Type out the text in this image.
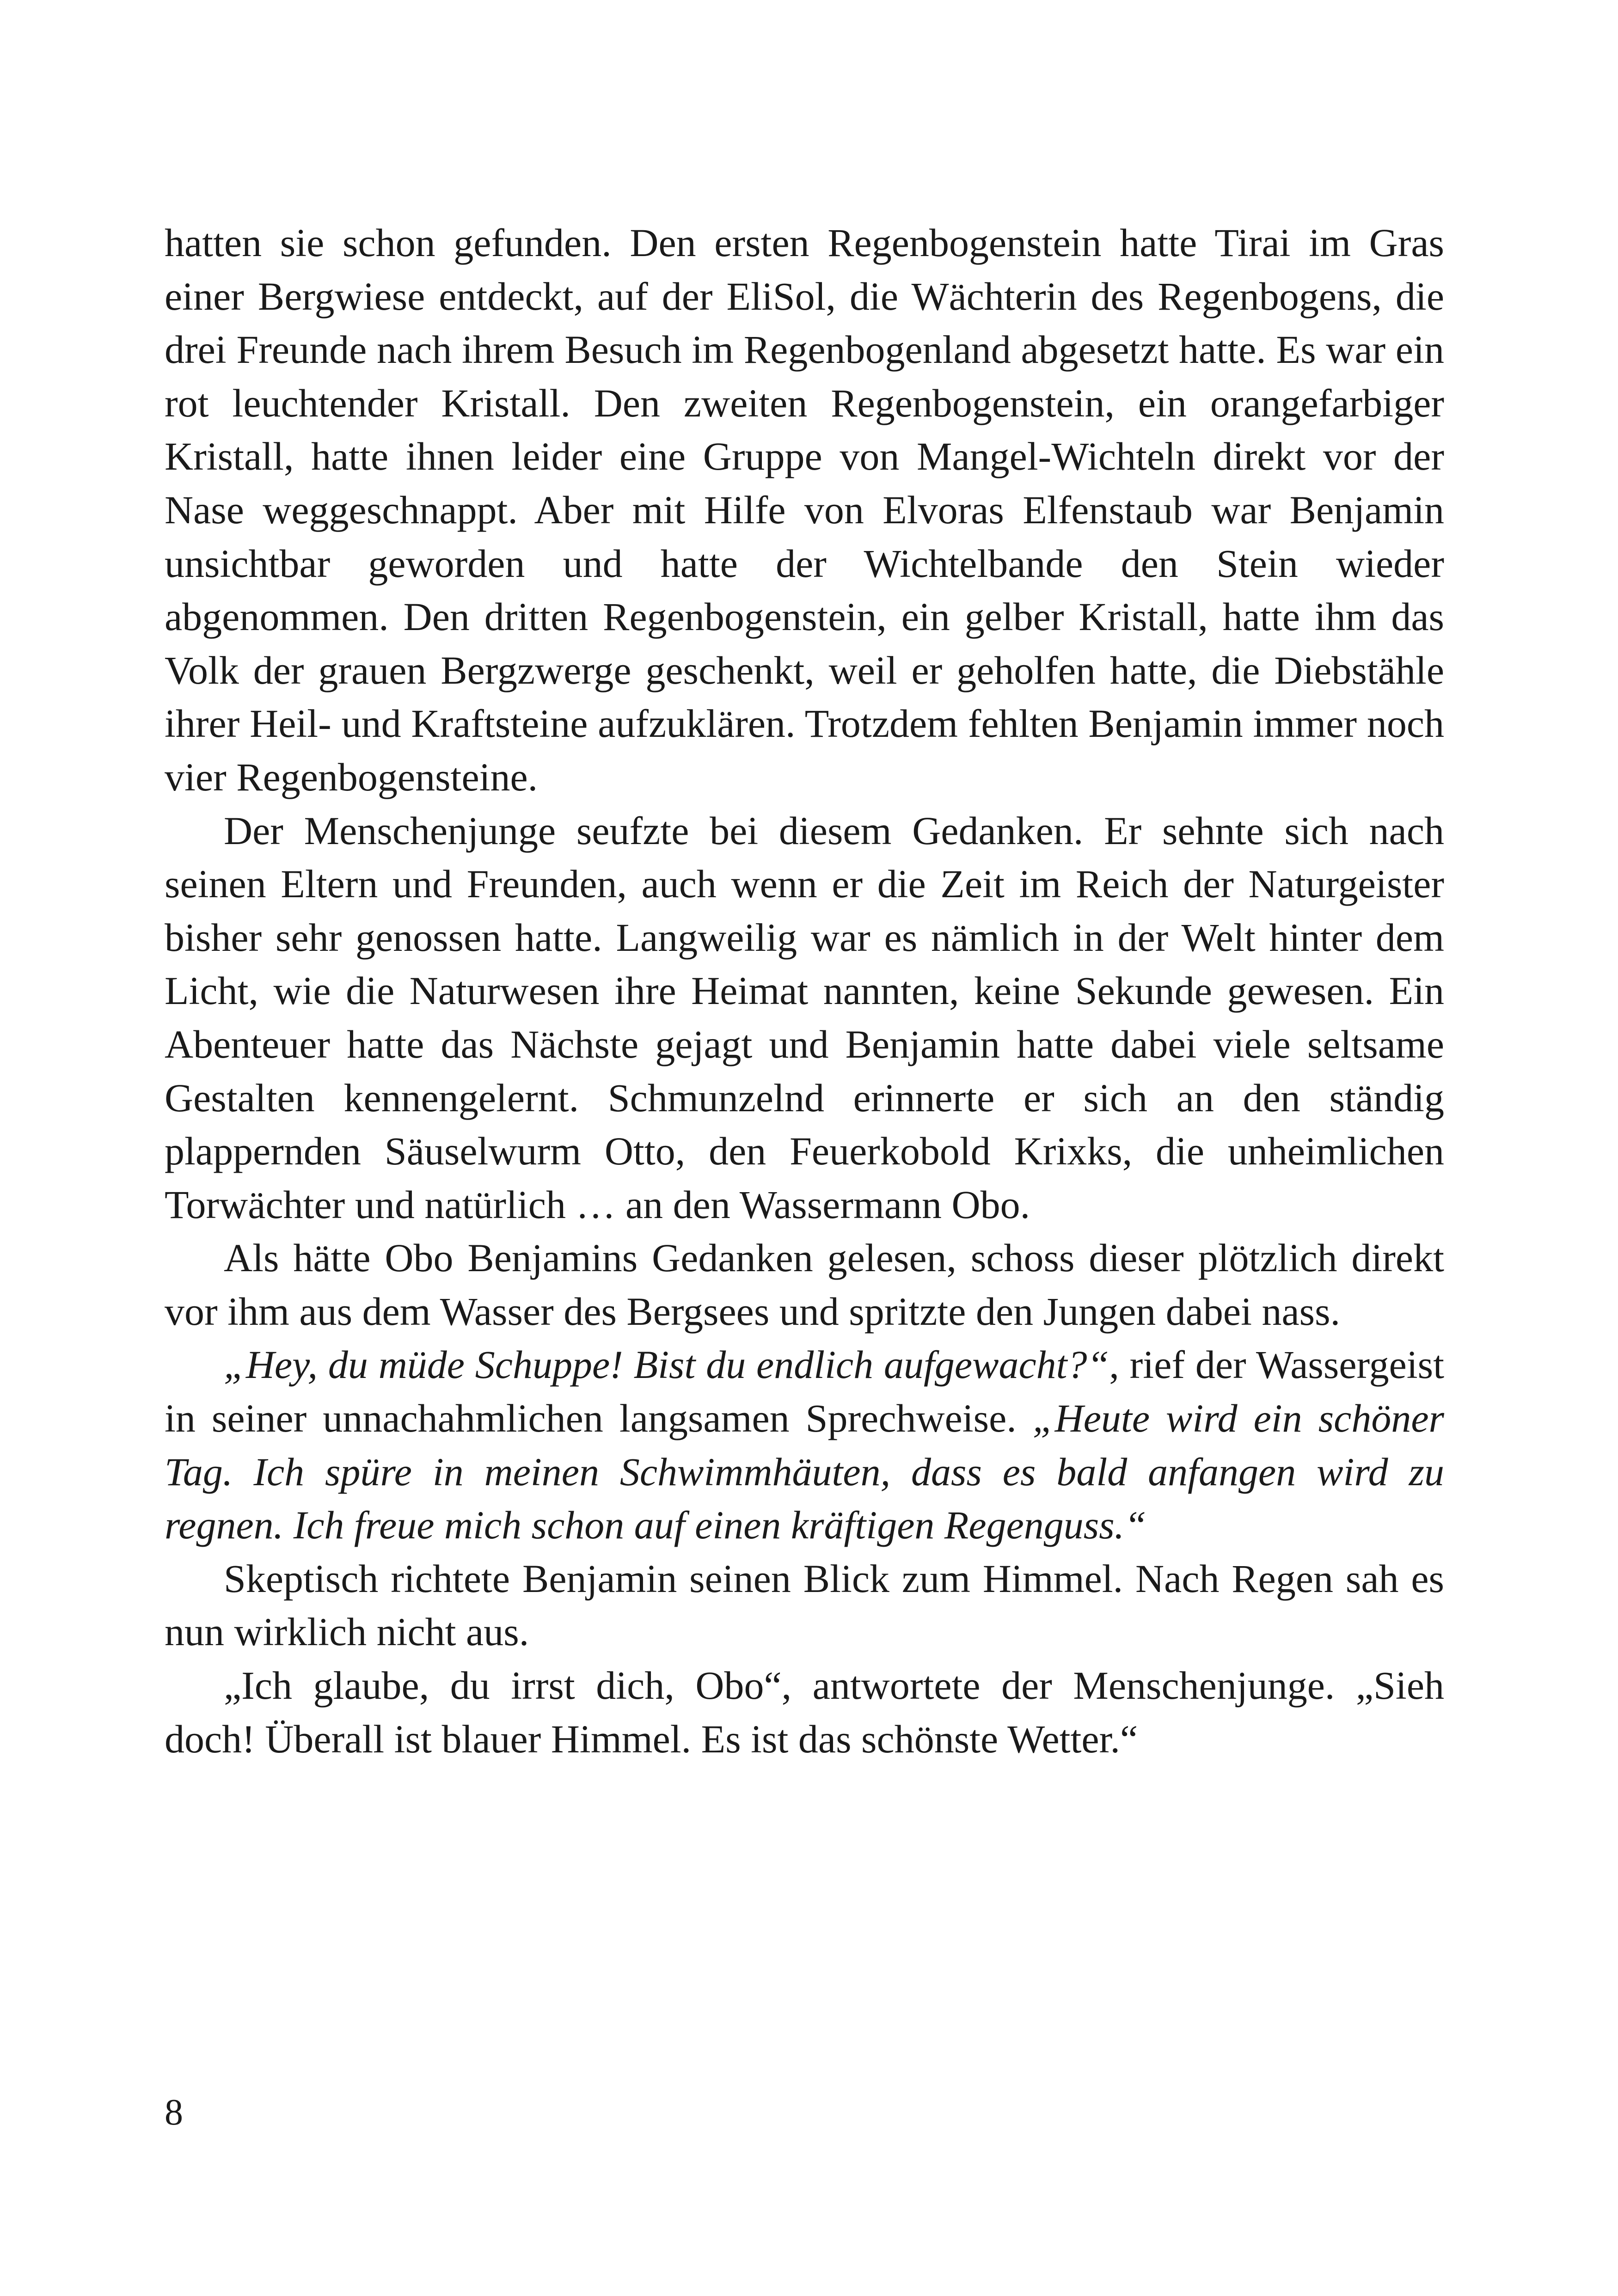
hatten sie schon gefunden. Den ersten Regenbogenstein hatte Tirai im Gras einer Bergwiese entdeckt, auf der EliSol, die Wächterin des Regenbogens, die drei Freunde nach ihrem Besuch im Regenbogenland abgesetzt hatte. Es war ein rot leuchtender Kristall. Den zweiten Regenbogenstein, ein orangefarbiger Kristall, hatte ihnen leider eine Gruppe von Mangel-Wichteln direkt vor der Nase weggeschnappt. Aber mit Hilfe von Elvoras Elfenstaub war Benjamin unsichtbar geworden und hatte der Wichtelbande den Stein wieder abgenommen. Den dritten Regenbogenstein, ein gelber Kristall, hatte ihm das Volk der grauen Bergzwerge geschenkt, weil er geholfen hatte, die Diebstähle ihrer Heil- und Kraftsteine aufzuklären. Trotzdem fehlten Benjamin immer noch vier Regenbogensteine.

Der Menschenjunge seufzte bei diesem Gedanken. Er sehnte sich nach seinen Eltern und Freunden, auch wenn er die Zeit im Reich der Naturgeister bisher sehr genossen hatte. Langweilig war es nämlich in der Welt hinter dem Licht, wie die Naturwesen ihre Heimat nannten, keine Sekunde gewesen. Ein Abenteuer hatte das Nächste gejagt und Benjamin hatte dabei viele seltsame Gestalten kennengelernt. Schmunzelnd erinnerte er sich an den ständig plappernden Säuselwurm Otto, den Feuerkobold Krixks, die unheimlichen Torwächter und natürlich … an den Wassermann Obo.

Als hätte Obo Benjamins Gedanken gelesen, schoss dieser plötzlich direkt vor ihm aus dem Wasser des Bergsees und spritzte den Jungen dabei nass.

„Hey, du müde Schuppe! Bist du endlich aufgewacht?“, rief der Wassergeist in seiner unnachahmlichen langsamen Sprechweise. „Heute wird ein schöner Tag. Ich spüre in meinen Schwimmhäuten, dass es bald anfangen wird zu regnen. Ich freue mich schon auf einen kräftigen Regenguss.“

Skeptisch richtete Benjamin seinen Blick zum Himmel. Nach Regen sah es nun wirklich nicht aus.

„Ich glaube, du irrst dich, Obo“, antwortete der Menschenjunge. „Sieh doch! Überall ist blauer Himmel. Es ist das schönste Wetter.“

8
